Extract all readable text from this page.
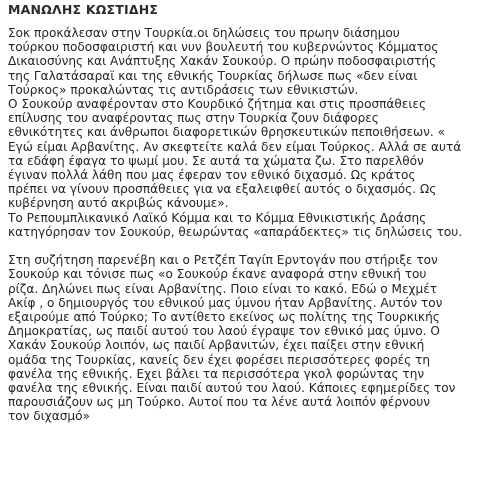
ΜΑΝΩΛΗΣ ΚΩΣΤΙΔΗΣ
Σοκ προκάλεσαν στην Τουρκία.οι δηλώσεις του πρωην διάσημου
τούρκου ποδοσφαιριστή και νυν βουλευτή του κυβερνώντος Κόμματος
Δικαιοσύνης και Ανάπτυξης Χακάν Σουκούρ. Ο πρώην ποδοσφαιριστής
της Γαλατάσαραϊ και της εθνικής Τουρκίας δήλωσε πως «δεν είναι
Τούρκος» προκαλώντας τις αντιδράσεις των εθνικιστών.
Ο Σουκούρ αναφέρονταν στο Κουρδικό ζήτημα και στις προσπάθειες
επίλυσης του αναφέροντας πως στην Τουρκία ζουν διάφορες
εθνικότητες και άνθρωποι διαφορετικών θρησκευτικών πεποιθήσεων. «
Εγώ είμαι Αρβανίτης. Αν σκεφτείτε καλά δεν είμαι Τούρκος. Αλλά σε αυτά
τα εδάφη έφαγα το ψωμί μου. Σε αυτά τα χώματα ζω. Στο παρελθόν
έγιναν πολλά λάθη που μας έφεραν τον εθνικό διχασμό. Ως κράτος
πρέπει να γίνουν προσπάθειες για να εξαλειφθεί αυτός ο διχασμός. Ως
κυβέρνηση αυτό ακριβώς κάνουμε».
Το Ρεπουμπλικανικό Λαϊκό Κόμμα και το Κόμμα Εθνικιστικής Δράσης
κατηγόρησαν τον Σουκούρ, θεωρώντας «απαράδεκτες» τις δηλώσεις του.
Στη συζήτηση παρενέβη και ο Ρετζέπ Ταγίπ Ερντογάν που στήριξε τον
Σουκούρ και τόνισε πως «ο Σουκούρ έκανε αναφορά στην εθνική του
ρίζα. Δηλώνει πως είναι Αρβανίτης. Ποιο είναι το κακό. Εδώ ο Μεχμέτ
Ακίφ , ο δημιουργός του εθνικού μας ύμνου ήταν Αρβανίτης. Αυτόν τον
εξαιρούμε από Τούρκο; Το αντίθετο εκείνος ως πολίτης της Τουρκικής
Δημοκρατίας, ως παιδί αυτού του λαού έγραψε τον εθνικό μας ύμνο. Ο
Χακάν Σουκούρ λοιπόν, ως παιδί Αρβανιτών, έχει παίξει στην εθνική
ομάδα της Τουρκίας, κανείς δεν έχει φορέσει περισσότερες φορές τη
φανέλα της εθνικής. Εχει βάλει τα περισσότερα γκολ φορώντας την
φανέλα της εθνικής. Είναι παιδί αυτού του λαού. Κάποιες εφημερίδες τον
παρουσιάζουν ως μη Τούρκο. Αυτοί που τα λένε αυτά λοιπόν φέρνουν
τον διχασμό»
